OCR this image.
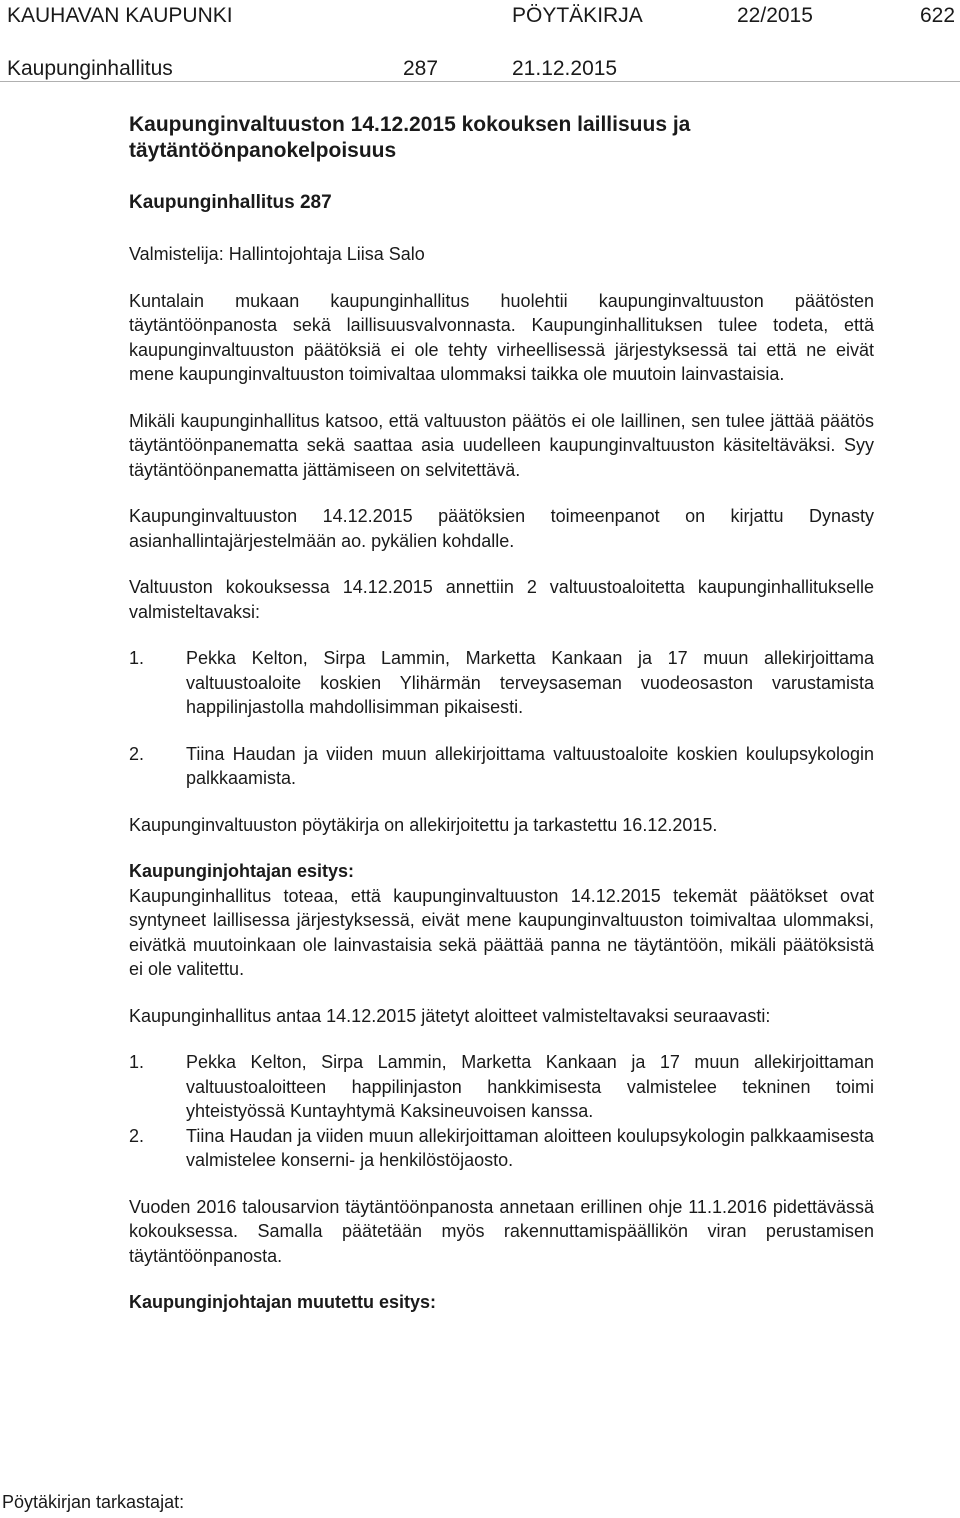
KAUHAVAN KAUPUNKI	PÖYTÄKIRJA	22/2015	622
Kaupunginhallitus	287	21.12.2015
Kaupunginvaltuuston 14.12.2015 kokouksen laillisuus ja täytäntöönpanokelpoisuus
Kaupunginhallitus 287

Valmistelija: Hallintojohtaja Liisa Salo

Kuntalain mukaan kaupunginhallitus huolehtii kaupunginvaltuuston päätösten täytäntöönpanosta sekä laillisuusvalvonnasta. Kaupunginhallituksen tulee todeta, että kaupunginvaltuuston päätöksiä ei ole tehty virheellisessä järjestyksessä tai että ne eivät mene kaupunginvaltuuston toimivaltaa ulommaksi taikka ole muutoin lainvastaisia.

Mikäli kaupunginhallitus katsoo, että valtuuston päätös ei ole laillinen, sen tulee jättää päätös täytäntöönpanematta sekä saattaa asia uudelleen kaupunginvaltuuston käsiteltäväksi. Syy täytäntöönpanematta jättämiseen on selvitettävä.

Kaupunginvaltuuston 14.12.2015 päätöksien toimeenpanot on kirjattu Dynasty asianhallintajärjestelmään ao. pykälien kohdalle.

Valtuuston kokouksessa 14.12.2015 annettiin 2 valtuustoaloitetta kaupunginhallitukselle valmisteltavaksi:

1.	Pekka Kelton, Sirpa Lammin, Marketta Kankaan ja 17 muun allekirjoittama valtuustoaloite koskien Ylihärmän terveysaseman vuodeosaston varustamista happilinjastolla mahdollisimman pikaisesti.
2.	Tiina Haudan ja viiden muun allekirjoittama valtuustoaloite koskien koulupsykologin palkkaamista.

Kaupunginvaltuuston pöytäkirja on allekirjoitettu ja tarkastettu 16.12.2015.

Kaupunginjohtajan esitys:

Kaupunginhallitus toteaa, että kaupunginvaltuuston 14.12.2015 tekemät päätökset ovat syntyneet laillisessa järjestyksessä, eivät mene kaupunginvaltuuston toimivaltaa ulommaksi, eivätkä muutoinkaan ole lainvastaisia sekä päättää panna ne täytäntöön, mikäli päätöksistä ei ole valitettu.

Kaupunginhallitus antaa 14.12.2015 jätetyt aloitteet valmisteltavaksi seuraavasti:

1.	Pekka Kelton, Sirpa Lammin, Marketta Kankaan ja 17 muun allekirjoittaman valtuustoaloitteen happilinjaston hankkimisesta valmistelee tekninen toimi yhteistyössä Kuntayhtymä Kaksineuvoisen kanssa.
2.	Tiina Haudan ja viiden muun allekirjoittaman aloitteen koulupsykologin palkkaamisesta valmistelee konserni- ja henkilöstöjaosto.

Vuoden 2016 talousarvion täytäntöönpanosta annetaan erillinen ohje 11.1.2016 pidettävässä kokouksessa. Samalla päätetään myös rakennuttamispäällikön viran perustamisen täytäntöönpanosta.

Kaupunginjohtajan muutettu esitys:
Pöytäkirjan tarkastajat:
